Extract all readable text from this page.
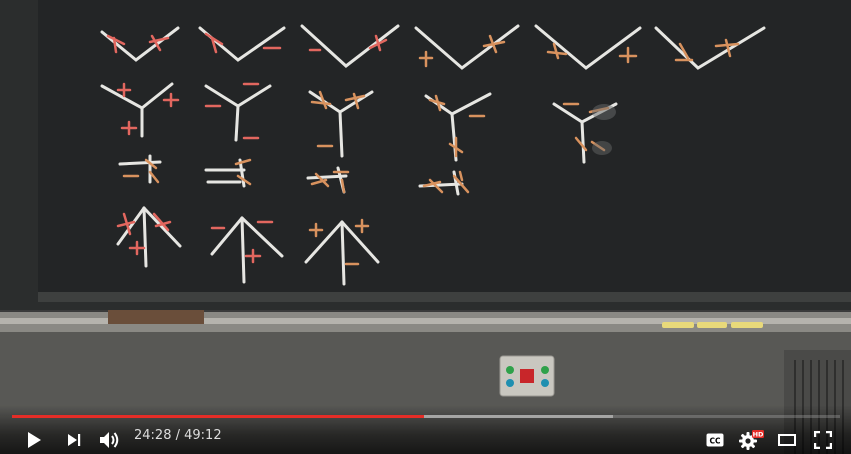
24:28 / 49:12	CC
HD
